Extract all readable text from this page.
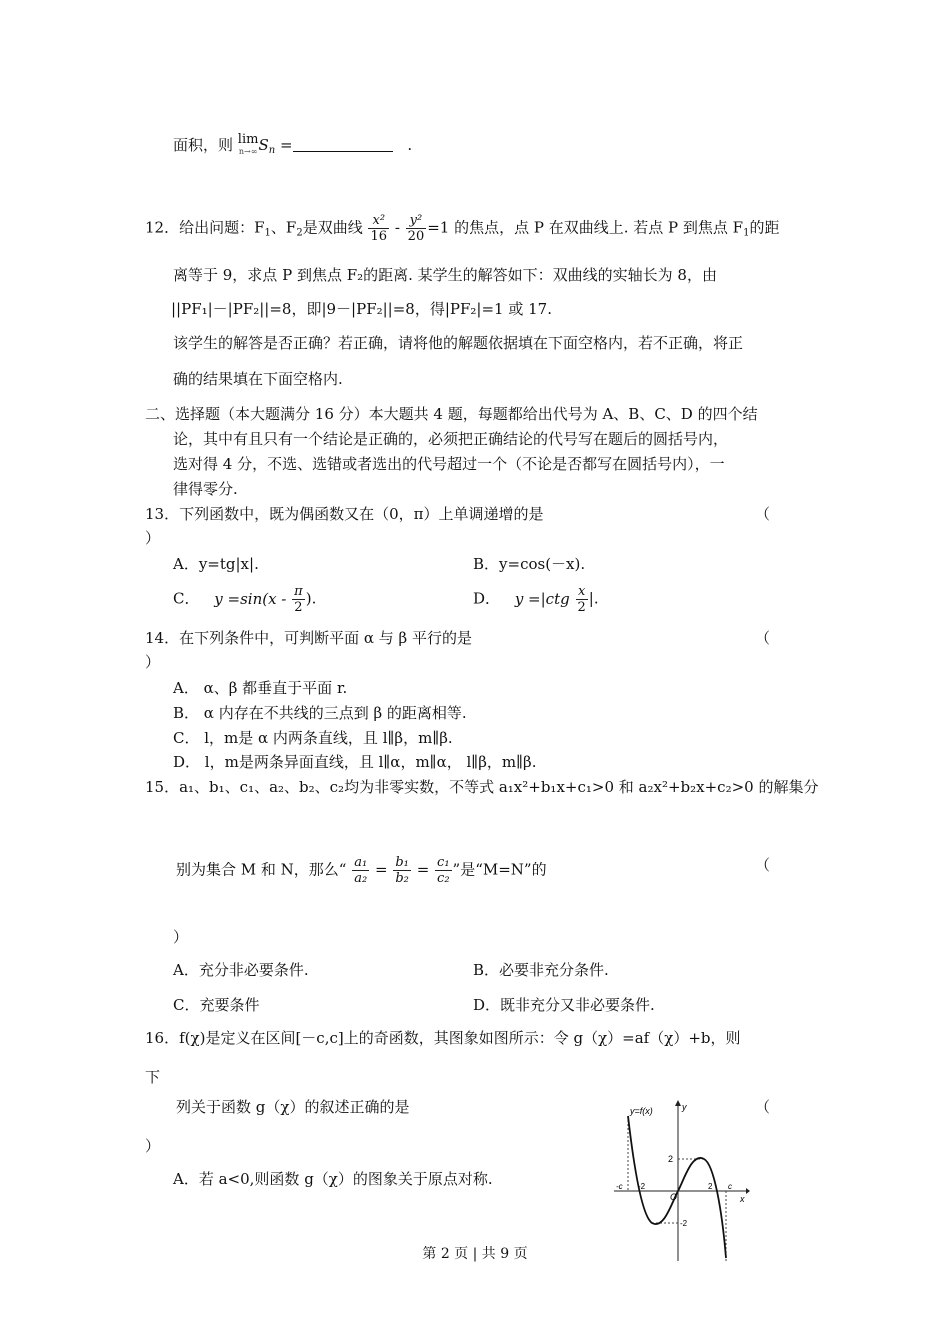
面积，则 lim
n→∞ $S_n$ =	.
12．给出问题：$F_1$、$F_2$是双曲线 $\frac{\text{x²}}{16} - \frac{\text{y²}}{20} =1$ 的焦点，点 P 在双曲线上. 若点 P 到焦点 $F_1$的距
离等于 9，求点 P 到焦点 F₂的距离. 某学生的解答如下：双曲线的实轴长为 8，由
||PF₁|－|PF₂||=8，即|9－|PF₂||=8，得|PF₂|=1 或 17.
该学生的解答是否正确？若正确，请将他的解题依据填在下面空格内，若不正确，将正
确的结果填在下面空格内.
二、选择题（本大题满分 16 分）本大题共 4 题，每题都给出代号为 A、B、C、D 的四个结
论，其中有且只有一个结论是正确的，必须把正确结论的代号写在题后的圆括号内，
选对得 4 分，不选、选错或者选出的代号超过一个（不论是否都写在圆括号内），一
律得零分.
13．下列函数中，既为偶函数又在（0，π）上单调递增的是	（
）
A．y=tg|x|.	B．y=cos(－x).
C． $y =\sin(x - \frac{\pi}{2}$ ).	D． $y =|ctg \frac{x}{2}$ |.
14．在下列条件中，可判断平面 α 与 β 平行的是	（
）
A． α、β 都垂直于平面 r.
B． α 内存在不共线的三点到 β 的距离相等.
C． l，m是 α 内两条直线，且 l∥β，m∥β.
D． l，m是两条异面直线，且 l∥α，m∥α， l∥β，m∥β.
15．a₁、b₁、c₁、a₂、b₂、c₂均为非零实数，不等式 a₁x²+b₁x+c₁>0 和 a₂x²+b₂x+c₂>0 的解集分
别为集合 M 和 N，那么“ $\frac{\text{a₁}}{\text{a₂}} = \frac{\text{b₁}}{\text{b₂}} = \frac{\text{c₁}}{\text{c₂}}$ ”是“M=N”的	（
）
A．充分非必要条件.	B．必要非充分条件.
C．充要条件	D．既非充分又非必要条件.
16．f(χ)是定义在区间[－c,c]上的奇函数，其图象如图所示：令 g（χ）=af（χ）+b，则
下
列关于函数 g（χ）的叙述正确的是	（
）
A．若 a<0,则函数 g（χ）的图象关于原点对称.
y=f(x)	y
x
O
2
-c -2	2 c
-2
第 2 页 | 共 9 页
